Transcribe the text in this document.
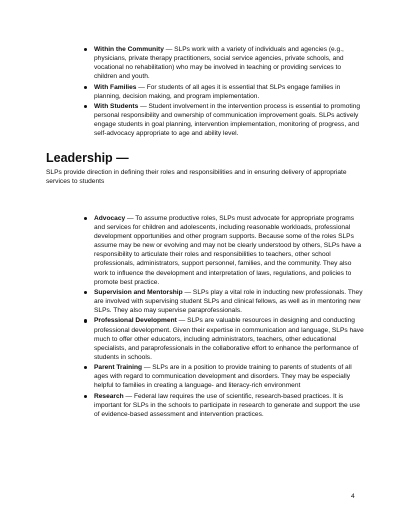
Within the Community — SLPs work with a variety of individuals and agencies (e.g., physicians, private therapy practitioners, social service agencies, private schools, and vocational no rehabilitation) who may be involved in teaching or providing services to children and youth.
With Families — For students of all ages it is essential that SLPs engage families in planning, decision making, and program implementation.
With Students — Student involvement in the intervention process is essential to promoting personal responsibility and ownership of communication improvement goals. SLPs actively engage students in goal planning, intervention implementation, monitoring of progress, and self-advocacy appropriate to age and ability level.
Leadership —

SLPs provide direction in defining their roles and responsibilities and in ensuring delivery of appropriate services to students

Advocacy — To assume productive roles, SLPs must advocate for appropriate programs and services for children and adolescents, including reasonable workloads, professional development opportunities and other program supports. Because some of the roles SLPs assume may be new or evolving and may not be clearly understood by others, SLPs have a responsibility to articulate their roles and responsibilities to teachers, other school professionals, administrators, support personnel, families, and the community. They also work to influence the development and interpretation of laws, regulations, and policies to promote best practice.
Supervision and Mentorship — SLPs play a vital role in inducting new professionals. They are involved with supervising student SLPs and clinical fellows, as well as in mentoring new SLPs. They also may supervise paraprofessionals.
Professional Development — SLPs are valuable resources in designing and conducting professional development. Given their expertise in communication and language, SLPs have much to offer other educators, including administrators, teachers, other educational specialists, and paraprofessionals in the collaborative effort to enhance the performance of students in schools.
Parent Training — SLPs are in a position to provide training to parents of students of all ages with regard to communication development and disorders. They may be especially helpful to families in creating a language- and literacy-rich environment
Research — Federal law requires the use of scientific, research-based practices. It is important for SLPs in the schools to participate in research to generate and support the use of evidence-based assessment and intervention practices.
4
